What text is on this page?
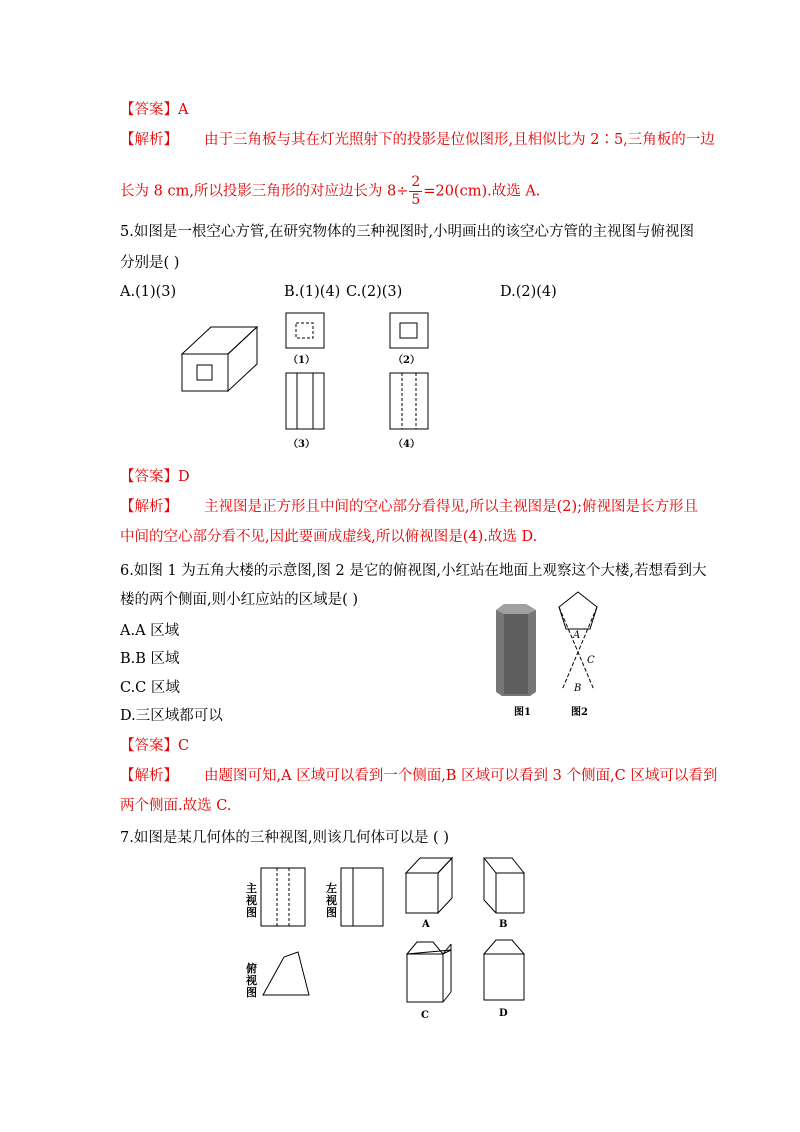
【答案】A
【解析】 由于三角板与其在灯光照射下的投影是位似图形,且相似比为 2∶5,三角板的一边
长为 8 cm,所以投影三角形的对应边长为 $8\div \frac{2}{5} =20(cm)$.故选 A.
5.如图是一根空心方管,在研究物体的三种视图时,小明画出的该空心方管的主视图与俯视图
分别是( )
A.(1)(3)	B.(1)(4) C.(2)(3)	D.(2)(4)
（1）	（2）
（3）	（4）
【答案】D
【解析】 主视图是正方形且中间的空心部分看得见,所以主视图是(2);俯视图是长方形且
中间的空心部分看不见,因此要画成虚线,所以俯视图是(4).故选 D.
6.如图 1 为五角大楼的示意图,图 2 是它的俯视图,小红站在地面上观察这个大楼,若想看到大
楼的两个侧面,则小红应站的区域是( )
A.A 区域
B.B 区域
C.C 区域
D.三区域都可以	图1
A
C
B
图2
【答案】C
【解析】 由题图可知,A 区域可以看到一个侧面,B 区域可以看到 3 个侧面,C 区域可以看到
两个侧面.故选 C.
7.如图是某几何体的三种视图,则该几何体可以是 ( )
主视图
左视图
俯视图
A	B
C	D
